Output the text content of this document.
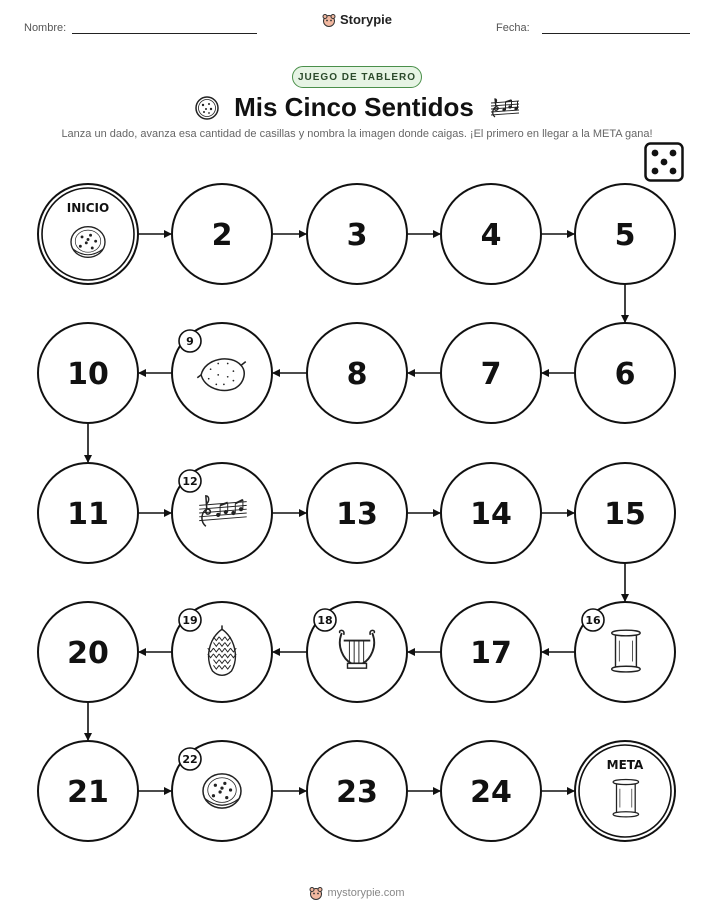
Nombre:
Storypie
Fecha:
JUEGO DE TABLERO
Mis Cinco Sentidos
Lanza un dado, avanza esa cantidad de casillas y nombra la imagen donde caigas. ¡El primero en llegar a la META gana!
INICIO
2	3	4	5
6
7
8
9
10
11
12
13	14	15
16
17
18
19
20
21
22
23	24
META
mystorypie.com
